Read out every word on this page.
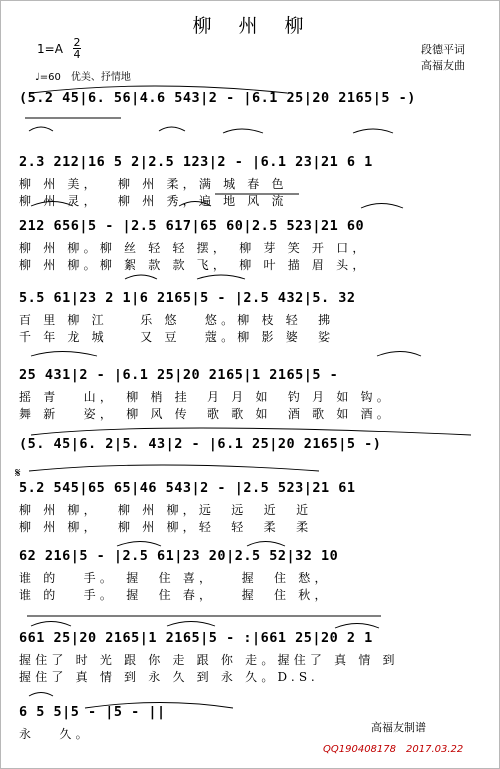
柳　州　柳
1=A 2
4
♩=60　优美、抒情地
段德平词
高福友曲
𝄋
(5.2 45|6. 56|4.6 543|2 - |6.1 25|20 2165|5 -)
2.3 212|16 5 2|2.5 123|2 - |6.1 23|21 6 1
柳 州 美，　 柳 州 柔，满 城 春 色
柳 州 灵，　 柳 州 秀，遍 地 风 流
212 656|5 - |2.5 617|65 60|2.5 523|21 60
柳 州 柳。柳 丝 轻 轻 摆，　柳 芽 笑 开 口，
柳 州 柳。柳 絮 款 款 飞，　柳 叶 描 眉 头，
5.5 61|23 2 1|6 2165|5 - |2.5 432|5. 32
百 里 柳 江　　乐 悠　 悠。柳 枝 轻　拂
千 年 龙 城　　又 豆　 蔻。柳 影 婆　娑
25 431|2 - |6.1 25|20 2165|1 2165|5 -
摇 青　 山，　柳 梢 挂　月 月 如　钓 月 如 钩。
舞 新　 姿，　柳 风 传　歌 歌 如　酒 歌 如 酒。
(5. 45|6. 2|5. 43|2 - |6.1 25|20 2165|5 -)
5.2 545|65 65|46 543|2 - |2.5 523|21 61
柳 州 柳，　 柳 州 柳，远　远　近　近
柳 州 柳，　 柳 州 柳，轻　轻　柔　柔
62 216|5 - |2.5 61|23 20|2.5 52|32 10
谁 的　 手。　握　住 喜，　　握　住 愁，
谁 的　 手。　握　住 春，　　握　住 秋，
661 25|20 2165|1 2165|5 - :|661 25|20 2 1
握住了 时 光 跟 你 走 跟 你 走。握住了 真 情 到
握住了 真 情 到 永 久 到 永 久。D.S.
6 5 5|5 - |5 - ||
永　 久。	高福友制谱
QQ190408178　2017.03.22
